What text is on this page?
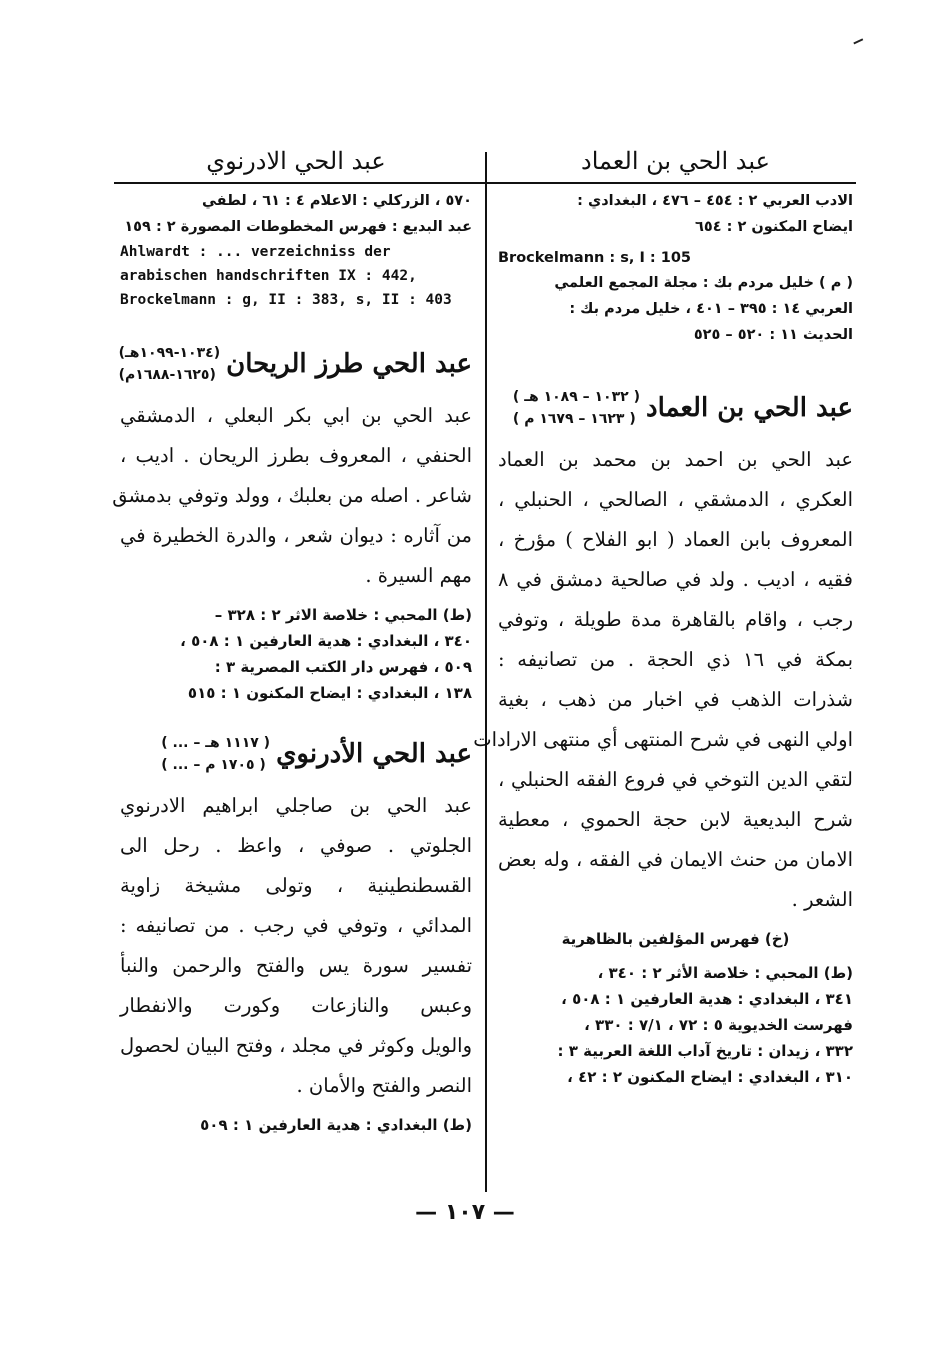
عبد الحي بن العماد
الادب العربي ٢ : ٤٥٤ – ٤٧٦ ، البغدادي :
ايضاح المكنون ٢ : ٦٥٤
Brockelmann : s, I : 105
( م ) خليل مردم بك : مجلة المجمع العلمي
العربي ١٤ : ٣٩٥ – ٤٠١ ، خليل مردم بك :
الحديث ١١ : ٥٢٠ – ٥٢٥
عبد الحي بن العماد
( ١٠٣٢ – ١٠٨٩ هـ )
( ١٦٢٣ – ١٦٧٩ م )
عبد الحي بن احمد بن محمد بن العماد
العكري ، الدمشقي ، الصالحي ، الحنبلي ،
المعروف بابن العماد ( ابو الفلاح ) مؤرخ ،
فقيه ، اديب . ولد في صالحية دمشق في ٨
رجب ، واقام بالقاهرة مدة طويلة ، وتوفي
بمكة في ١٦ ذي الحجة . من تصانيفه :
شذرات الذهب في اخبار من ذهب ، بغية
اولي النهى في شرح المنتهى أي منتهى الارادات
لتقي الدين التوخي في فروع الفقه الحنبلي ،
شرح البديعية لابن حجة الحموي ، معطية
الامان من حنث الايمان في الفقه ، وله بعض
الشعر .
(خ) فهرس المؤلفين بالظاهرية
(ط) المحبي : خلاصة الأثر ٢ : ٣٤٠ ،
٣٤١ ، البغدادي : هدية العارفين ١ : ٥٠٨ ،
فهرست الخديوية ٥ : ٧٢ ، ٧/١ : ٣٣٠ ،
٣٣٢ ، زيدان : تاريخ آداب اللغة العربية ٣ :
٣١٠ ، البغدادي : ايضاح المكنون ٢ : ٤٢ ،
عبد الحي الادرنوي
٥٧٠ ، الزركلي : الاعلام ٤ : ٦١ ، لطفي
عبد البديع : فهرس المخطوطات المصورة ٢ : ١٥٩
Ahlwardt : ... verzeichniss der
arabischen handschriften IX : 442,
Brockelmann : g, II : 383, s, II : 403
عبد الحي طرز الريحان
(١٠٣٤-١٠٩٩هـ)
(١٦٢٥-١٦٨٨م)
عبد الحي بن ابي بكر البعلي ، الدمشقي
الحنفي ، المعروف بطرز الريحان . اديب ،
شاعر . اصله من بعلبك ، وولد وتوفي بدمشق
من آثاره : ديوان شعر ، والدرة الخطيرة في
مهم السيرة .
(ط) المحبي : خلاصة الاثر ٢ : ٣٢٨ –
٣٤٠ ، البغدادي : هدية العارفين ١ : ٥٠٨ ،
٥٠٩ ، فهرس دار الكتب المصرية ٣ :
١٣٨ ، البغدادي : ايضاح المكنون ١ : ٥١٥
عبد الحي الأدرنوي
( ... – ١١١٧ هـ )
( ... – ١٧٠٥ م )
عبد الحي بن صاجلي ابراهيم الادرنوي
الجلوتي . صوفي ، واعظ . رحل الى
القسطنطينية ، وتولى مشيخة زاوية
المدائي ، وتوفي في رجب . من تصانيفه :
تفسير سورة يس والفتح والرحمن والنبأ
وعبس والنازعات وكورت والانفطار
والويل وكوثر في مجلد ، وفتح البيان لحصول
النصر والفتح والأمان .
(ط) البغدادي : هدية العارفين ١ : ٥٠٩
— ١٠٧ —
